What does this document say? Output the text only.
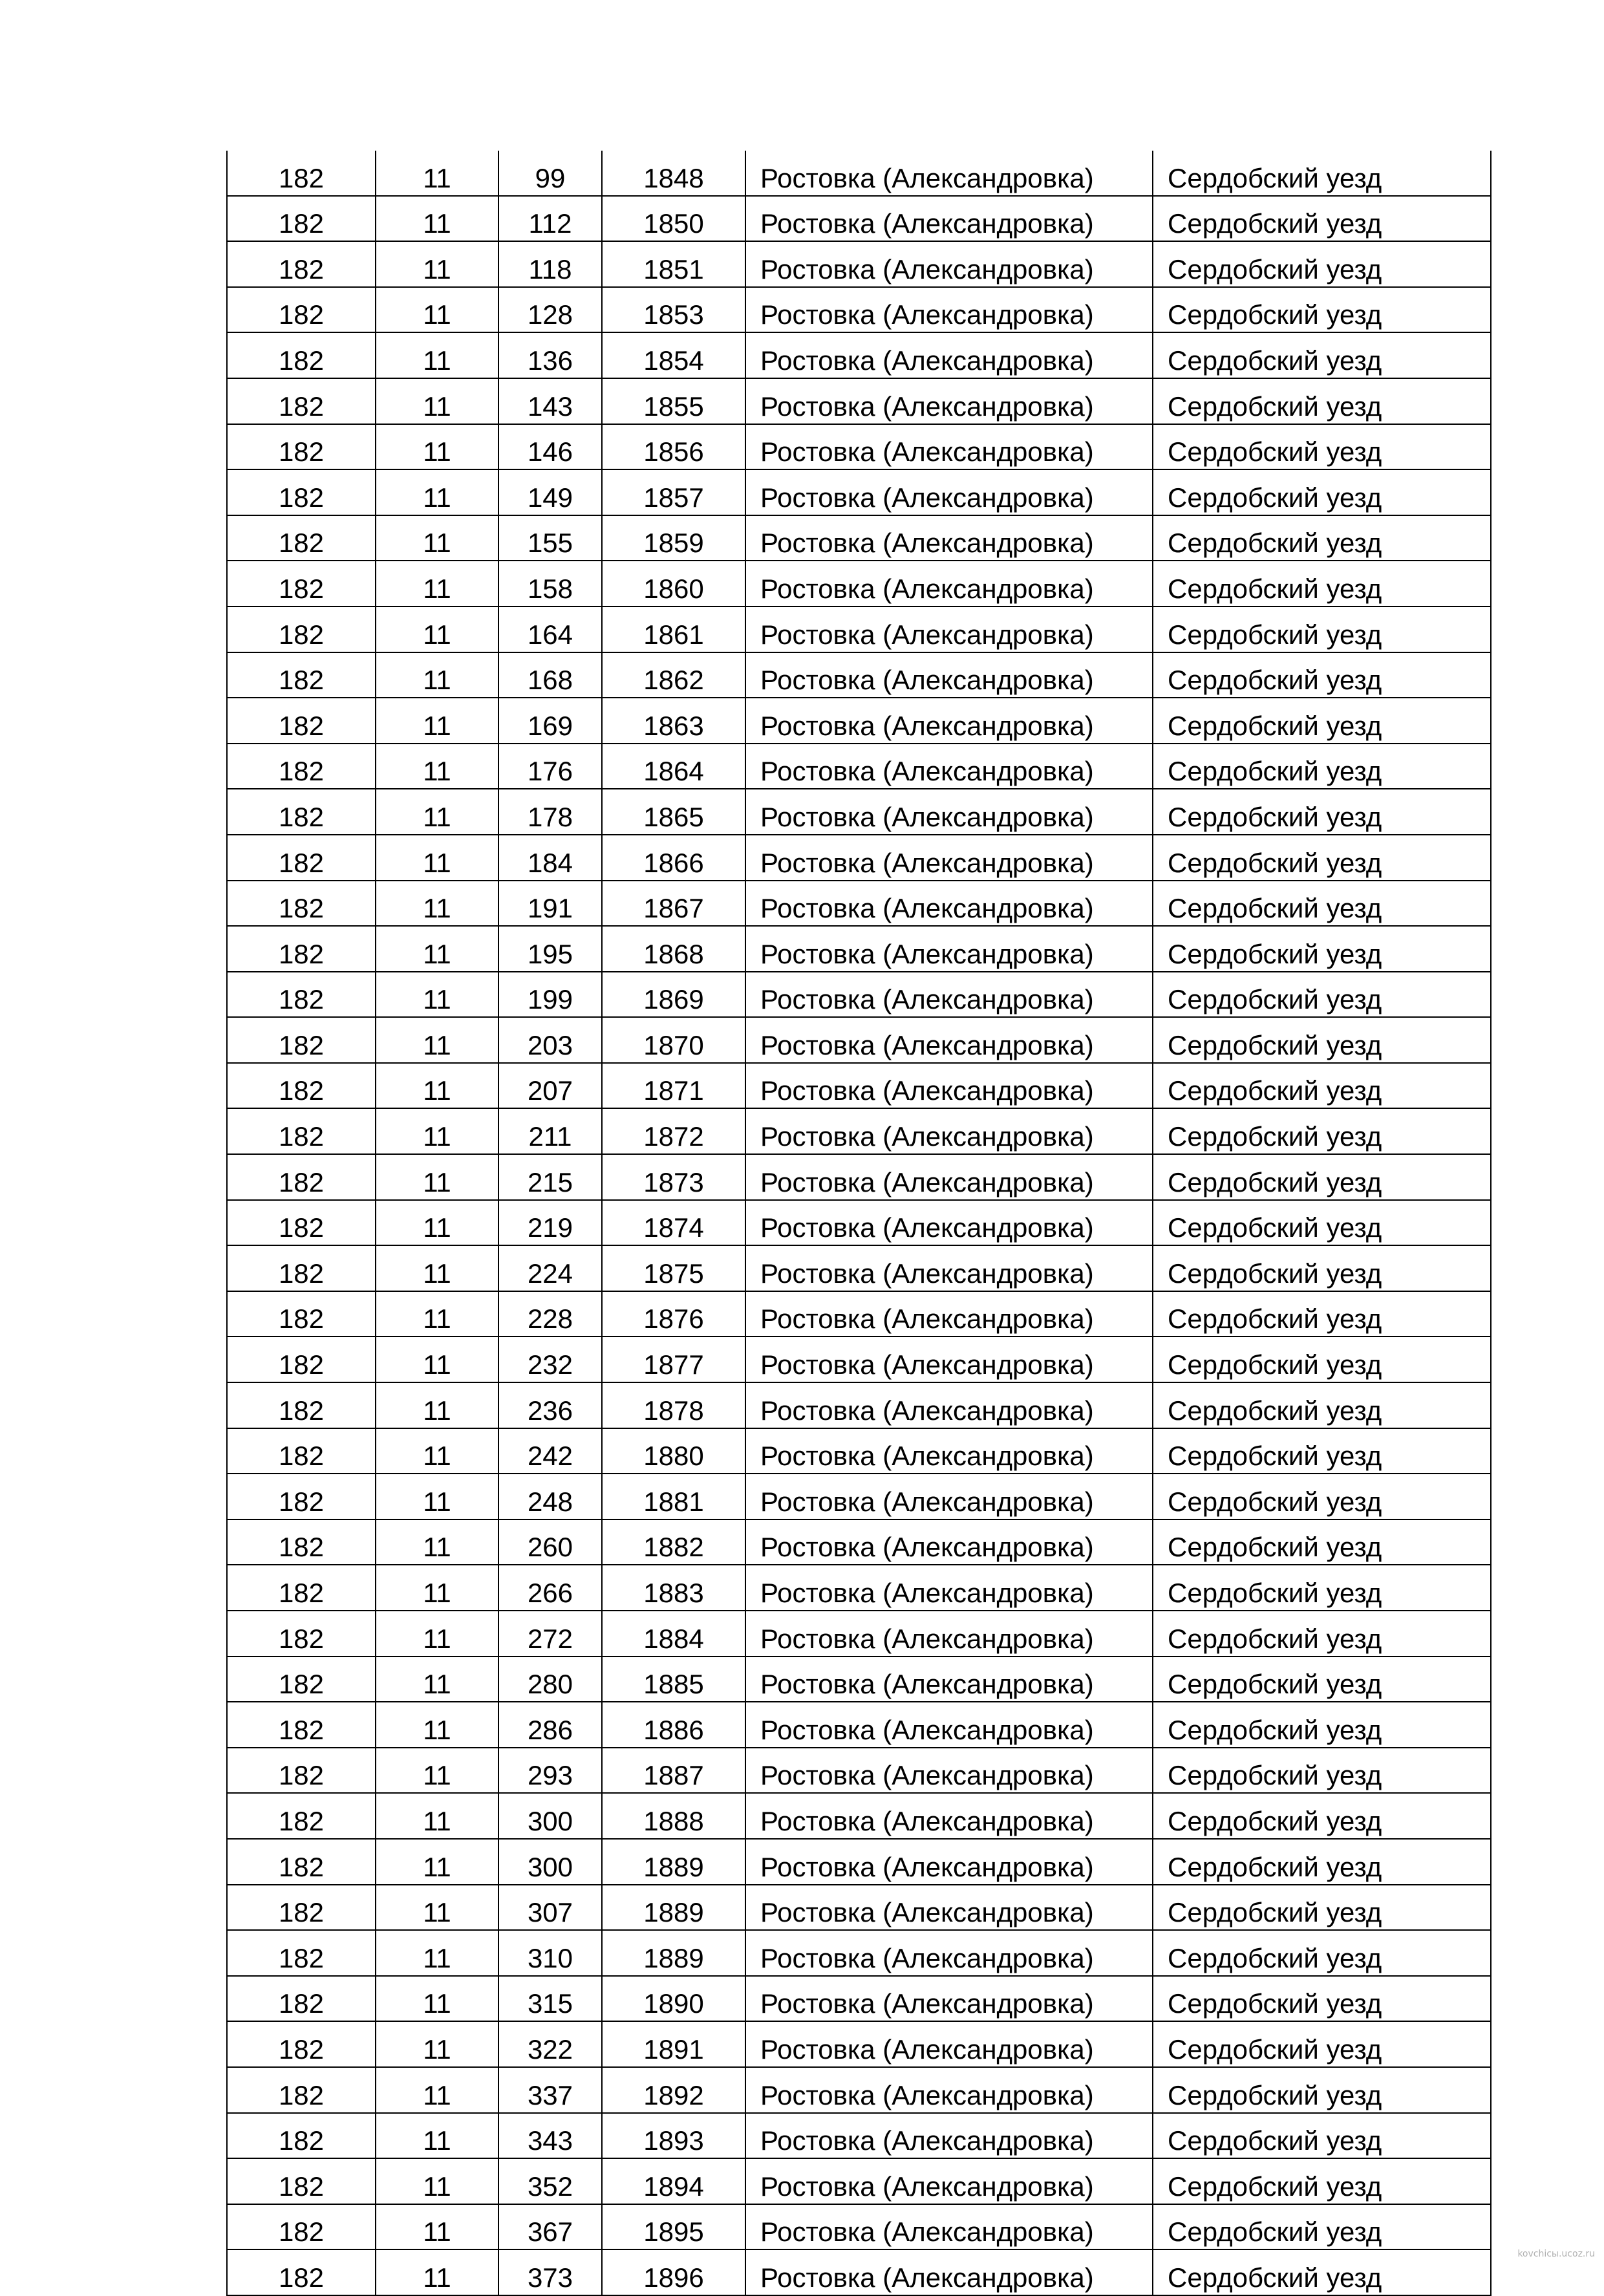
182	11	99	1848	Ростовка (Александровка)	Сердобский уезд
182	11	112	1850	Ростовка (Александровка)	Сердобский уезд
182	11	118	1851	Ростовка (Александровка)	Сердобский уезд
182	11	128	1853	Ростовка (Александровка)	Сердобский уезд
182	11	136	1854	Ростовка (Александровка)	Сердобский уезд
182	11	143	1855	Ростовка (Александровка)	Сердобский уезд
182	11	146	1856	Ростовка (Александровка)	Сердобский уезд
182	11	149	1857	Ростовка (Александровка)	Сердобский уезд
182	11	155	1859	Ростовка (Александровка)	Сердобский уезд
182	11	158	1860	Ростовка (Александровка)	Сердобский уезд
182	11	164	1861	Ростовка (Александровка)	Сердобский уезд
182	11	168	1862	Ростовка (Александровка)	Сердобский уезд
182	11	169	1863	Ростовка (Александровка)	Сердобский уезд
182	11	176	1864	Ростовка (Александровка)	Сердобский уезд
182	11	178	1865	Ростовка (Александровка)	Сердобский уезд
182	11	184	1866	Ростовка (Александровка)	Сердобский уезд
182	11	191	1867	Ростовка (Александровка)	Сердобский уезд
182	11	195	1868	Ростовка (Александровка)	Сердобский уезд
182	11	199	1869	Ростовка (Александровка)	Сердобский уезд
182	11	203	1870	Ростовка (Александровка)	Сердобский уезд
182	11	207	1871	Ростовка (Александровка)	Сердобский уезд
182	11	211	1872	Ростовка (Александровка)	Сердобский уезд
182	11	215	1873	Ростовка (Александровка)	Сердобский уезд
182	11	219	1874	Ростовка (Александровка)	Сердобский уезд
182	11	224	1875	Ростовка (Александровка)	Сердобский уезд
182	11	228	1876	Ростовка (Александровка)	Сердобский уезд
182	11	232	1877	Ростовка (Александровка)	Сердобский уезд
182	11	236	1878	Ростовка (Александровка)	Сердобский уезд
182	11	242	1880	Ростовка (Александровка)	Сердобский уезд
182	11	248	1881	Ростовка (Александровка)	Сердобский уезд
182	11	260	1882	Ростовка (Александровка)	Сердобский уезд
182	11	266	1883	Ростовка (Александровка)	Сердобский уезд
182	11	272	1884	Ростовка (Александровка)	Сердобский уезд
182	11	280	1885	Ростовка (Александровка)	Сердобский уезд
182	11	286	1886	Ростовка (Александровка)	Сердобский уезд
182	11	293	1887	Ростовка (Александровка)	Сердобский уезд
182	11	300	1888	Ростовка (Александровка)	Сердобский уезд
182	11	300	1889	Ростовка (Александровка)	Сердобский уезд
182	11	307	1889	Ростовка (Александровка)	Сердобский уезд
182	11	310	1889	Ростовка (Александровка)	Сердобский уезд
182	11	315	1890	Ростовка (Александровка)	Сердобский уезд
182	11	322	1891	Ростовка (Александровка)	Сердобский уезд
182	11	337	1892	Ростовка (Александровка)	Сердобский уезд
182	11	343	1893	Ростовка (Александровка)	Сердобский уезд
182	11	352	1894	Ростовка (Александровка)	Сердобский уезд
182	11	367	1895	Ростовка (Александровка)	Сердобский уезд
182	11	373	1896	Ростовка (Александровка)	Сердобский уезд
kovchiсы.ucoz.ru
